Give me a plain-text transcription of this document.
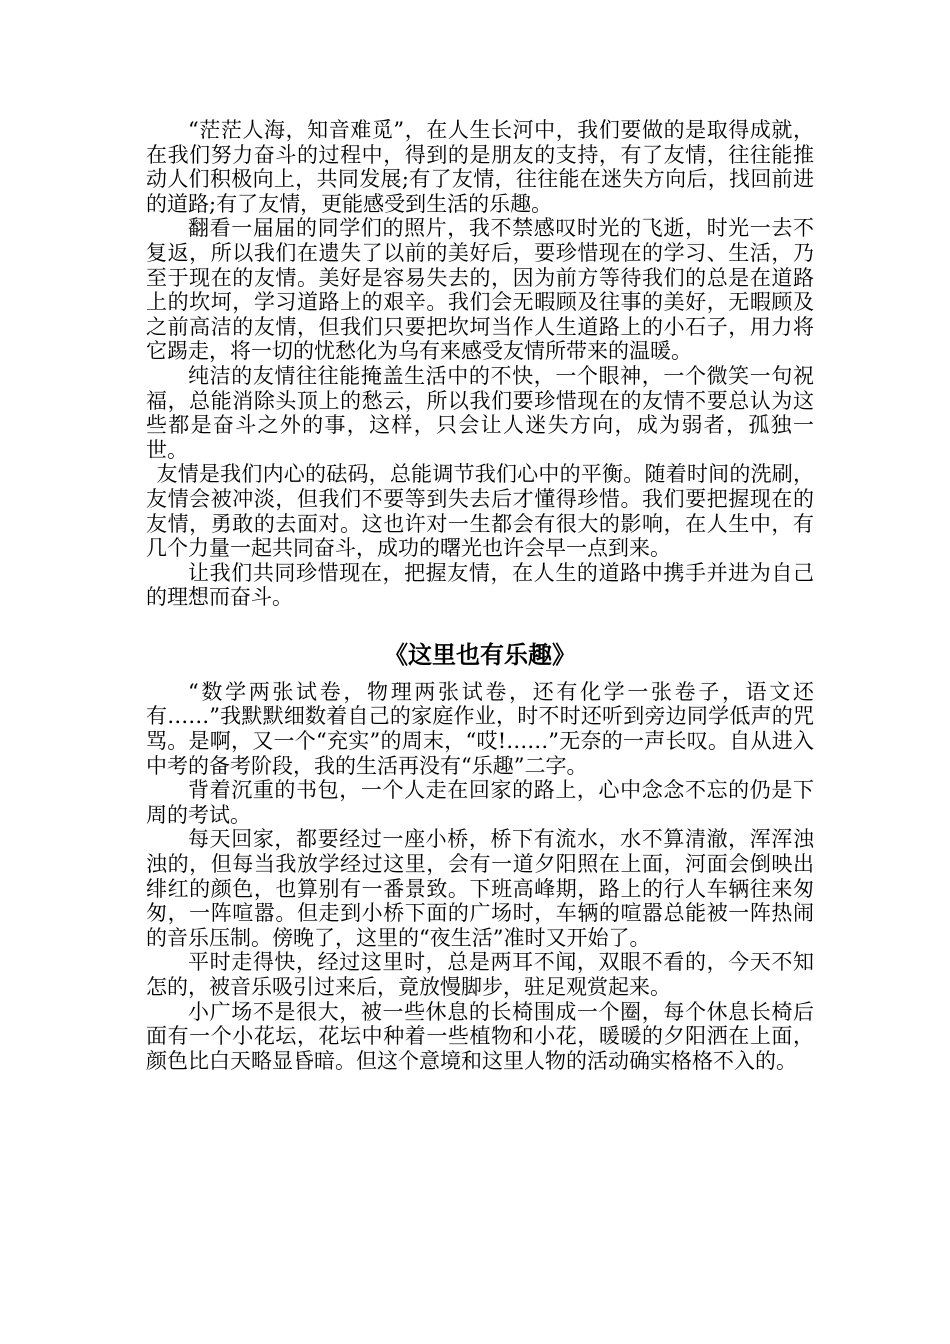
“茫茫人海，知音难觅”，在人生长河中，我们要做的是取得成就，在我们努力奋斗的过程中，得到的是朋友的支持，有了友情，往往能推动人们积极向上，共同发展;有了友情，往往能在迷失方向后，找回前进的道路;有了友情，更能感受到生活的乐趣。

翻看一届届的同学们的照片，我不禁感叹时光的飞逝，时光一去不复返，所以我们在遗失了以前的美好后，要珍惜现在的学习、生活，乃至于现在的友情。美好是容易失去的，因为前方等待我们的总是在道路上的坎坷，学习道路上的艰辛。我们会无暇顾及往事的美好，无暇顾及之前高洁的友情，但我们只要把坎坷当作人生道路上的小石子，用力将它踢走，将一切的忧愁化为乌有来感受友情所带来的温暖。

纯洁的友情往往能掩盖生活中的不快，一个眼神，一个微笑一句祝福，总能消除头顶上的愁云，所以我们要珍惜现在的友情不要总认为这些都是奋斗之外的事，这样，只会让人迷失方向，成为弱者，孤独一世。

友情是我们内心的砝码，总能调节我们心中的平衡。随着时间的洗刷，友情会被冲淡，但我们不要等到失去后才懂得珍惜。我们要把握现在的友情，勇敢的去面对。这也许对一生都会有很大的影响，在人生中，有几个力量一起共同奋斗，成功的曙光也许会早一点到来。

让我们共同珍惜现在，把握友情，在人生的道路中携手并进为自己的理想而奋斗。

《这里也有乐趣》

“数学两张试卷，物理两张试卷，还有化学一张卷子，语文还有……”我默默细数着自己的家庭作业，时不时还听到旁边同学低声的咒骂。是啊，又一个“充实”的周末，“哎!……”无奈的一声长叹。自从进入中考的备考阶段，我的生活再没有“乐趣”二字。

背着沉重的书包，一个人走在回家的路上，心中念念不忘的仍是下周的考试。

每天回家，都要经过一座小桥，桥下有流水，水不算清澈，浑浑浊浊的，但每当我放学经过这里，会有一道夕阳照在上面，河面会倒映出绯红的颜色，也算别有一番景致。下班高峰期，路上的行人车辆往来匆匆，一阵喧嚣。但走到小桥下面的广场时，车辆的喧嚣总能被一阵热闹的音乐压制。傍晚了，这里的“夜生活”准时又开始了。

平时走得快，经过这里时，总是两耳不闻，双眼不看的，今天不知怎的，被音乐吸引过来后，竟放慢脚步，驻足观赏起来。

小广场不是很大，被一些休息的长椅围成一个圈，每个休息长椅后面有一个小花坛，花坛中种着一些植物和小花，暖暖的夕阳洒在上面，颜色比白天略显昏暗。但这个意境和这里人物的活动确实格格不入的。
